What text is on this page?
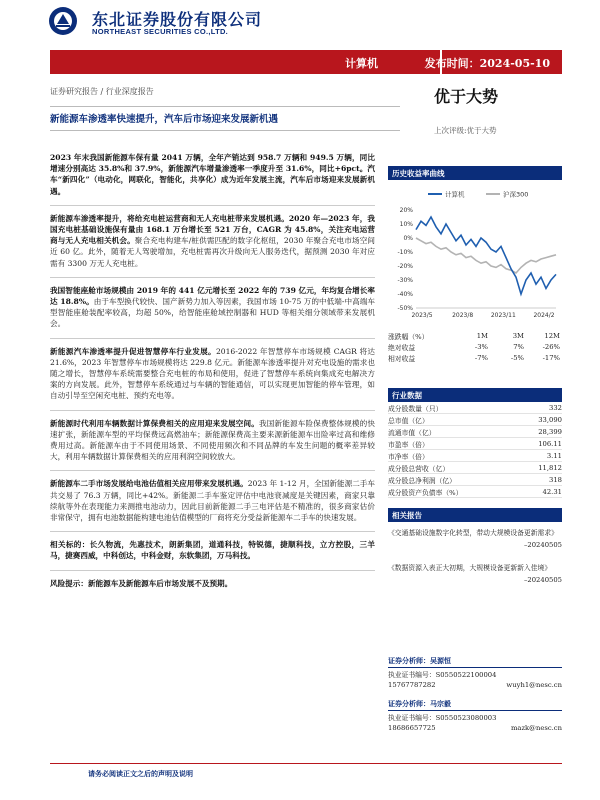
东北证券股份有限公司
NORTHEAST SECURITIES CO.,LTD.
计算机	发布时间：2024-05-10
证券研究报告 / 行业深度报告
新能源车渗透率快速提升，汽车后市场迎来发展新机遇
优于大势
上次评级:优于大势

2023 年末我国新能源车保有量 2041 万辆，全年产销达到 958.7 万辆和 949.5 万辆，同比增速分别高达 35.8%和 37.9%，新能源汽车增量渗透率一季度升至 31.6%，同比+6pct。汽车“新四化”（电动化，网联化，智能化，共享化）成为近年发展主流，汽车后市场迎来发展新机遇。

新能源车渗透率提升，将给充电桩运营商和无人充电桩带来发展机遇。2020 年—2023 年，我国充电桩基础设施保有量由 168.1 万台增长至 521 万台，CAGR 为 45.8%，关注充电运营商与无人充电相关机会。聚合充电构建车/桩供需匹配的数字化枢纽，2030 年聚合充电市场空间近 60 亿。此外，随着无人驾驶增加，充电桩需再次升级向无人服务迭代，据预测 2030 年对应需有 3300 万无人充电桩。

我国智能座舱市场规模由 2019 年的 441 亿元增长至 2022 年的 739 亿元，年均复合增长率达 18.8%。由于车型换代较快、国产新势力加入等因素，我国市场 10-75 万的中低端-中高端车型智能座舱装配率较高，均超 50%，给智能座舱域控制器和 HUD 等相关细分领域带来发展机会。

新能源汽车渗透率提升促进智慧停车行业发展。2016-2022 年智慧停车市场规模 CAGR 将达 21.6%，2023 年智慧停车市场规模将达 229.8 亿元。新能源车渗透率提升对充电设施的需求也随之增长，智慧停车系统需要整合充电桩的布局和使用，促进了智慧停车系统向集成充电解决方案的方向发展。此外，智慧停车系统通过与车辆的智能通信，可以实现更加智能的停车管理，如自动引导至空闲充电桩、预约充电等。

新能源时代利用车辆数据计算保费相关的应用迎来发展空间。我国新能源车险保费整体规模的快速扩张，新能源车型的平均保费远高燃油车；新能源保费高主要来源新能源车出险率过高和维修费用过高。新能源车由于不同使用场景、不同使用频次和不同品牌的车发生问题的概率差异较大，利用车辆数据计算保费相关的应用利润空间较放大。

新能源车二手市场发展给电池估值相关应用带来发展机遇。2023 年 1-12 月，全国新能源二手车共交易了 76.3 万辆，同比+42%。新能源二手车鉴定评估中电池衰减度是关键因素，商家只靠续航等外在表现能力来测推电池动力，因此目前新能源二手三电评估是不精准的，很多商家估价非常保守，拥有电池数据能构建电池估值模型的厂商将充分受益新能源车二手车的快速发展。

相关标的：长久物流，先惠技术，朗新集团，道通科技，特锐德，捷顺科技，立方控股，三羊马，捷赛西威，中科创达，中科金财，东软集团，万马科技。

风险提示：新能源车及新能源车后市场发展不及预期。

历史收益率曲线
计算机	沪深300
20%
10%
0%
-10%
-20%
-30%
-40%
-50%
2023/5	2023/8	2023/11	2024/2
涨跌幅（%）	1M	3M	12M
绝对收益	-3%	7%	-26%
相对收益	-7%	-5%	-17%
行业数据
成分股数量（只）	332
总市值（亿）	33,090
流通市值（亿）	28,399
市盈率（倍）	106.11
市净率（倍）	3.11
成分股总营收（亿）	11,812
成分股总净利润（亿）	318
成分股资产负债率（%）	42.31
相关报告
《交通基础设施数字化转型，带动大规模设备更新需求》
–20240505
《数据资源入表正大初期，大规模设备更新新入佳境》
–20240505
证券分析师：吴源恒
执业证书编号：S0550522100004
15767787282	wuyh1@nesc.cn
证券分析师：马宗毅
执业证书编号：S0550523080003
18686657725	mazk@nesc.cn
请务必阅读正文之后的声明及说明
